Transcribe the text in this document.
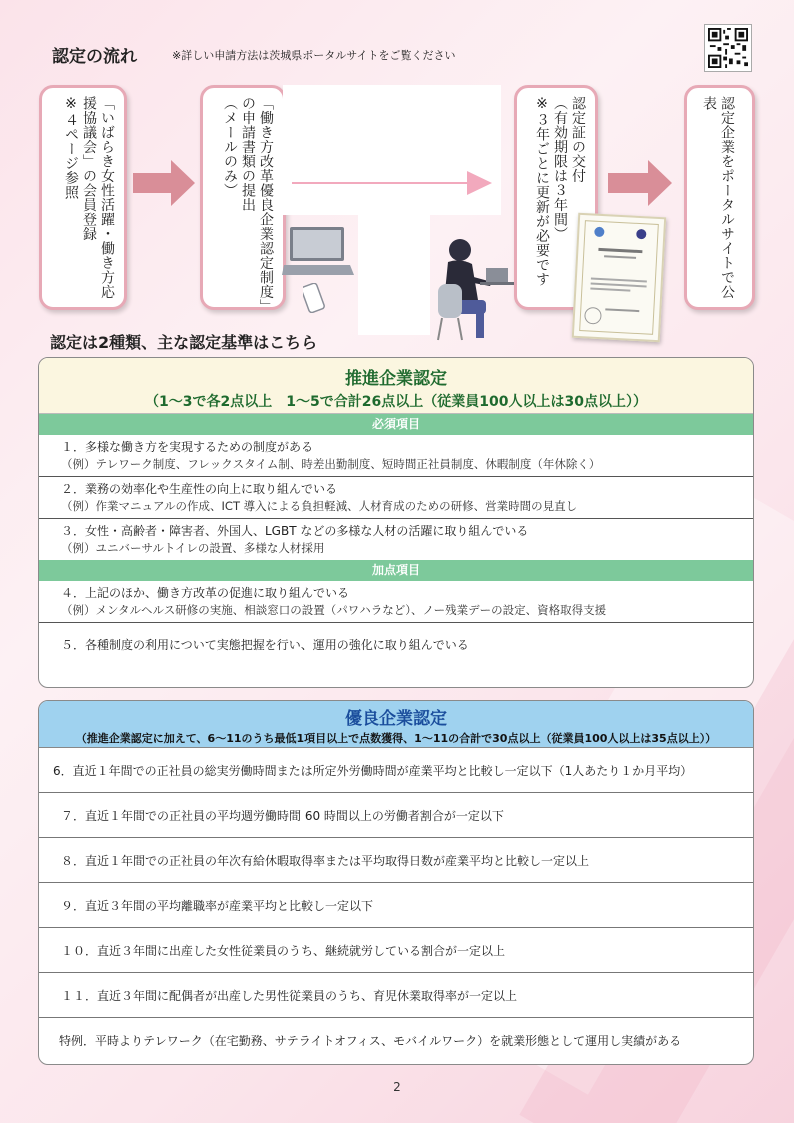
認定の流れ	※詳しい申請方法は茨城県ポータルサイトをご覧ください
「いばらき女性活躍・働き方応援協議会」の会員登録
※４ページ参照	「働き方改革優良企業認定制度」の申請書類の提出
（メールのみ）	認定証の交付
（有効期限は３年間）
※３年ごとに更新が必要です	認定企業をポータルサイトで公表
認定は2種類、主な認定基準はこちら
推進企業認定
（1～3で各2点以上　1～5で合計26点以上（従業員100人以上は30点以上））
必須項目
１．多様な働き方を実現するための制度がある
（例）テレワーク制度、フレックスタイム制、時差出勤制度、短時間正社員制度、休暇制度（年休除く）
２．業務の効率化や生産性の向上に取り組んでいる
（例）作業マニュアルの作成、ICT 導入による負担軽減、人材育成のための研修、営業時間の見直し
３．女性・高齢者・障害者、外国人、LGBT などの多様な人材の活躍に取り組んでいる
（例）ユニバーサルトイレの設置、多様な人材採用
加点項目
４．上記のほか、働き方改革の促進に取り組んでいる
（例）メンタルヘルス研修の実施、相談窓口の設置（パワハラなど）、ノー残業デーの設定、資格取得支援
５．各種制度の利用について実態把握を行い、運用の強化に取り組んでいる
優良企業認定
（推進企業認定に加えて、6～11のうち最低1項目以上で点数獲得、1～11の合計で30点以上（従業員100人以上は35点以上））
6．直近１年間での正社員の総実労働時間または所定外労働時間が産業平均と比較し一定以下（1人あたり１か月平均）
７．直近１年間での正社員の平均週労働時間 60 時間以上の労働者割合が一定以下
８．直近１年間での正社員の年次有給休暇取得率または平均取得日数が産業平均と比較し一定以上
９．直近３年間の平均離職率が産業平均と比較し一定以下
１０．直近３年間に出産した女性従業員のうち、継続就労している割合が一定以上
１１．直近３年間に配偶者が出産した男性従業員のうち、育児休業取得率が一定以上
特例．平時よりテレワーク（在宅勤務、サテライトオフィス、モバイルワーク）を就業形態として運用し実績がある
2
